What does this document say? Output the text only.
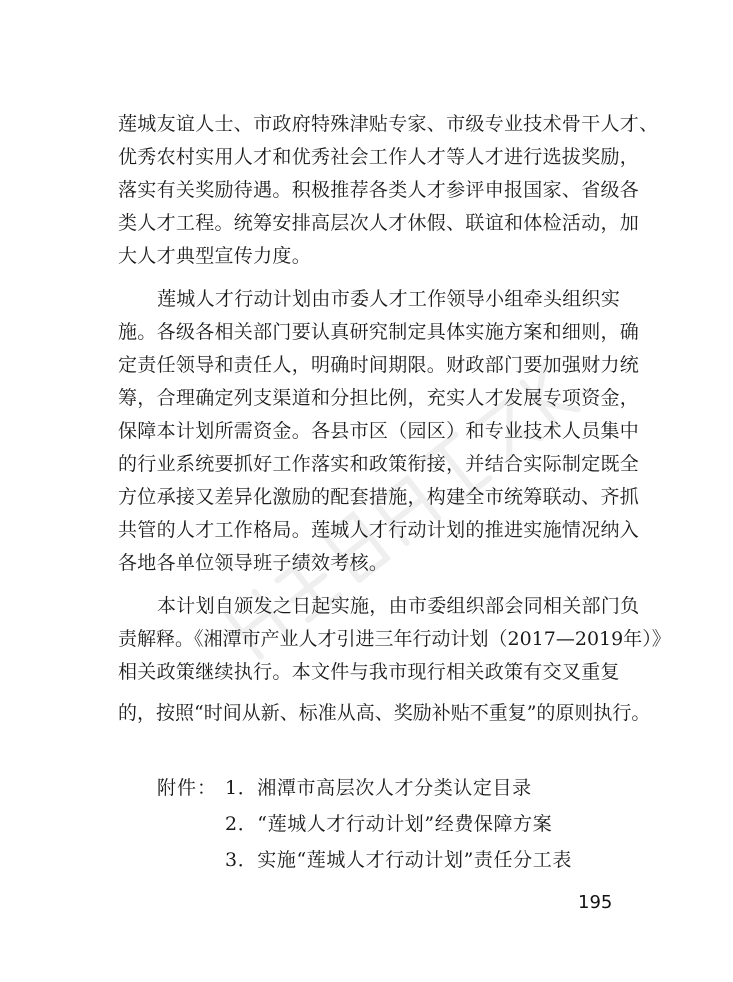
莲城友谊人士、市政府特殊津贴专家、市级专业技术骨干人才、
优秀农村实用人才和优秀社会工作人才等人才进行选拔奖励，
落实有关奖励待遇。积极推荐各类人才参评申报国家、省级各
类人才工程。统筹安排高层次人才休假、联谊和体检活动，加
大人才典型宣传力度。
莲城人才行动计划由市委人才工作领导小组牵头组织实
施。各级各相关部门要认真研究制定具体实施方案和细则，确
定责任领导和责任人，明确时间期限。财政部门要加强财力统
筹，合理确定列支渠道和分担比例，充实人才发展专项资金，
保障本计划所需资金。各县市区（园区）和专业技术人员集中
的行业系统要抓好工作落实和政策衔接，并结合实际制定既全
方位承接又差异化激励的配套措施，构建全市统筹联动、齐抓
共管的人才工作格局。莲城人才行动计划的推进实施情况纳入
各地各单位领导班子绩效考核。
本计划自颁发之日起实施，由市委组织部会同相关部门负
责解释。《湘潭市产业人才引进三年行动计划（2017—2019年）》
相关政策继续执行。本文件与我市现行相关政策有交叉重复
的，按照“时间从新、标准从高、奖励补贴不重复”的原则执行。
附件： 1．湘潭市高层次人才分类认定目录
2．“莲城人才行动计划”经费保障方案
3．实施“莲城人才行动计划”责任分工表
195
